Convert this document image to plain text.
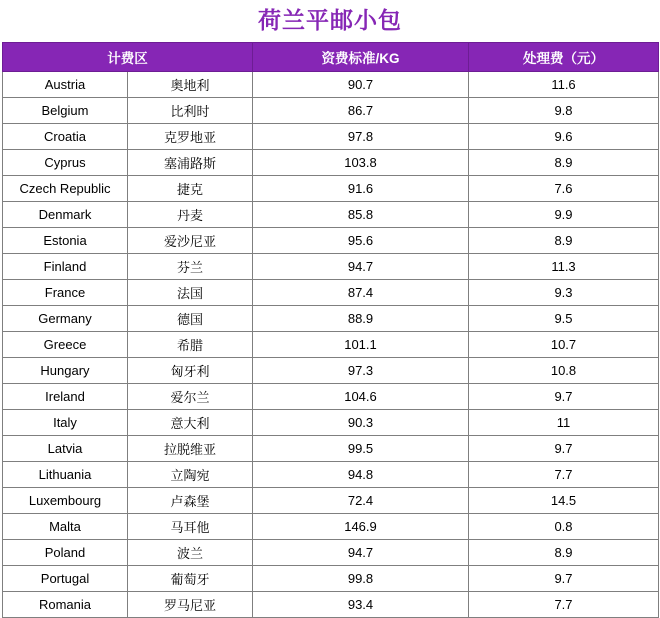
荷兰平邮小包
计费区		资费标准/KG	处理费（元）
Austria	奥地利	90.7	11.6
Belgium	比利时	86.7	9.8
Croatia	克罗地亚	97.8	9.6
Cyprus	塞浦路斯	103.8	8.9
Czech Republic	捷克	91.6	7.6
Denmark	丹麦	85.8	9.9
Estonia	爱沙尼亚	95.6	8.9
Finland	芬兰	94.7	11.3
France	法国	87.4	9.3
Germany	德国	88.9	9.5
Greece	希腊	101.1	10.7
Hungary	匈牙利	97.3	10.8
Ireland	爱尔兰	104.6	9.7
Italy	意大利	90.3	11
Latvia	拉脱维亚	99.5	9.7
Lithuania	立陶宛	94.8	7.7
Luxembourg	卢森堡	72.4	14.5
Malta	马耳他	146.9	0.8
Poland	波兰	94.7	8.9
Portugal	葡萄牙	99.8	9.7
Romania	罗马尼亚	93.4	7.7
